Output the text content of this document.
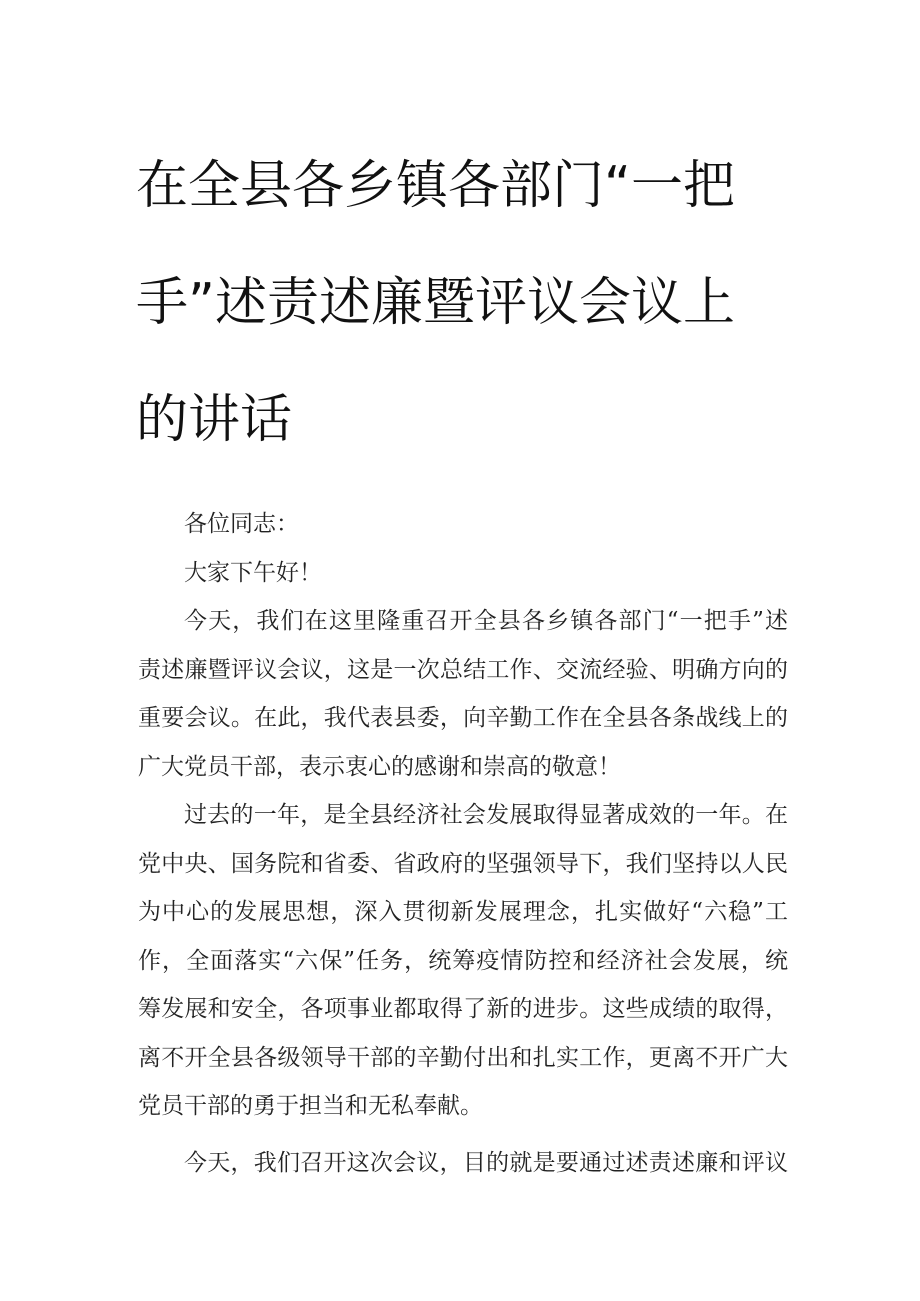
在全县各乡镇各部门“一把
手”述责述廉暨评议会议上
的讲话
各位同志：
大家下午好！
今天，我们在这里隆重召开全县各乡镇各部门“一把手”述
责述廉暨评议会议，这是一次总结工作、交流经验、明确方向的
重要会议。在此，我代表县委，向辛勤工作在全县各条战线上的
广大党员干部，表示衷心的感谢和崇高的敬意！
过去的一年，是全县经济社会发展取得显著成效的一年。在
党中央、国务院和省委、省政府的坚强领导下，我们坚持以人民
为中心的发展思想，深入贯彻新发展理念，扎实做好“六稳”工
作，全面落实“六保”任务，统筹疫情防控和经济社会发展，统
筹发展和安全，各项事业都取得了新的进步。这些成绩的取得，
离不开全县各级领导干部的辛勤付出和扎实工作，更离不开广大
党员干部的勇于担当和无私奉献。
今天，我们召开这次会议，目的就是要通过述责述廉和评议
